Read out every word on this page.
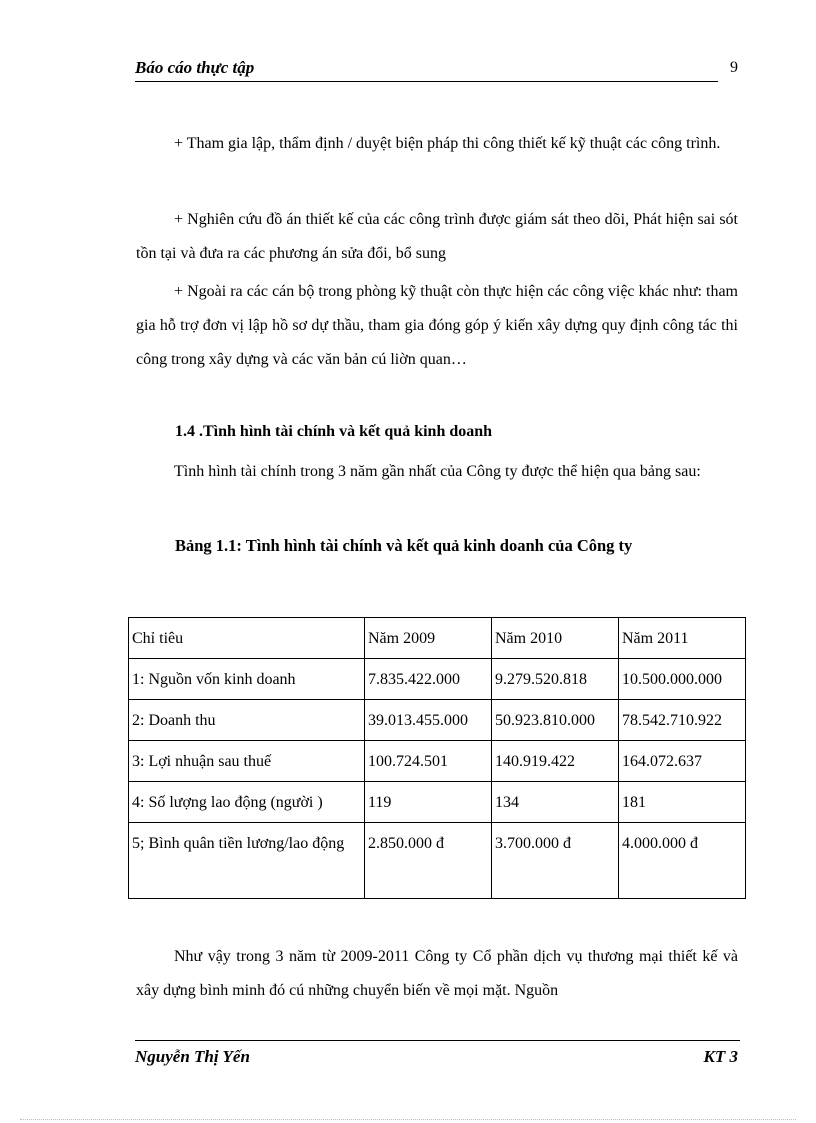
Báo cáo thực tập	9

+ Tham gia lập, thẩm định / duyệt biện pháp thi công thiết kế kỹ thuật các công trình.

+ Nghiên cứu đồ án thiết kế của các công trình được giám sát theo dõi, Phát hiện sai sót tồn tại và đưa ra các phương án sửa đổi, bổ sung

+ Ngoài ra các cán bộ trong phòng kỹ thuật còn thực hiện các công việc khác như: tham gia hỗ trợ đơn vị lập hồ sơ dự thầu, tham gia đóng góp ý kiến xây dựng quy định công tác thi công trong xây dựng và các văn bản cú liờn quan…

1.4 .Tình hình tài chính và kết quả kinh doanh

Tình hình tài chính trong 3 năm gần nhất của Công ty được thể hiện qua bảng sau:

Bảng 1.1: Tình hình tài chính và kết quả kinh doanh của Công ty
Chỉ tiêu	Năm 2009	Năm 2010	Năm 2011
1: Nguồn vốn kinh doanh	7.835.422.000	9.279.520.818	10.500.000.000
2: Doanh thu	39.013.455.000	50.923.810.000	78.542.710.922
3: Lợi nhuận sau thuế	100.724.501	140.919.422	164.072.637
4: Số lượng lao động (người )	119	134	181
5; Bình quân tiền lương/lao động	2.850.000 đ	3.700.000 đ	4.000.000 đ

Như vậy trong 3 năm từ 2009-2011 Công ty Cổ phần dịch vụ thương mại thiết kế và xây dựng bình minh đó cú những chuyển biến về mọi mặt. Nguồn

Nguyễn Thị Yến	KT 3
